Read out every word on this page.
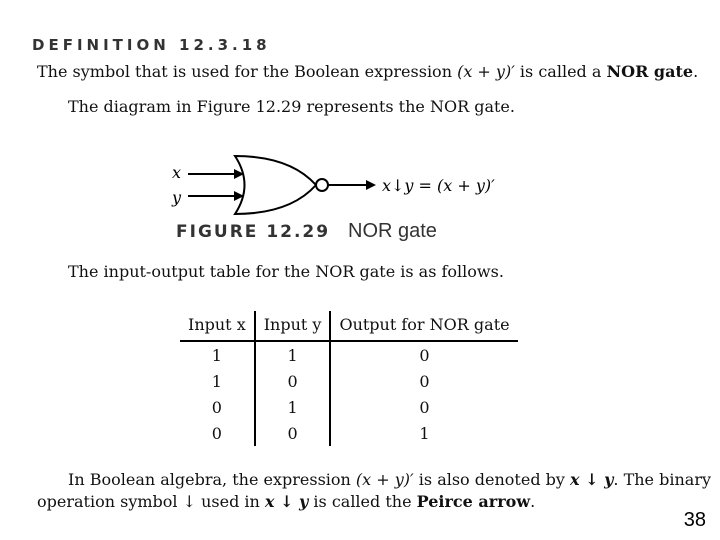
DEFINITION 12.3.18
The symbol that is used for the Boolean expression (x + y)′ is called a NOR gate.
The diagram in Figure 12.29 represents the NOR gate.
x
y
x↓y = (x + y)′
FIGURE 12.29 NOR gate
The input-output table for the NOR gate is as follows.
Input x	Input y	Output for NOR gate
1	1	0
1	0	0
0	1	0
0	0	1
In Boolean algebra, the expression (x + y)′ is also denoted by x ↓ y. The binary
operation symbol ↓ used in x ↓ y is called the Peirce arrow.
38
